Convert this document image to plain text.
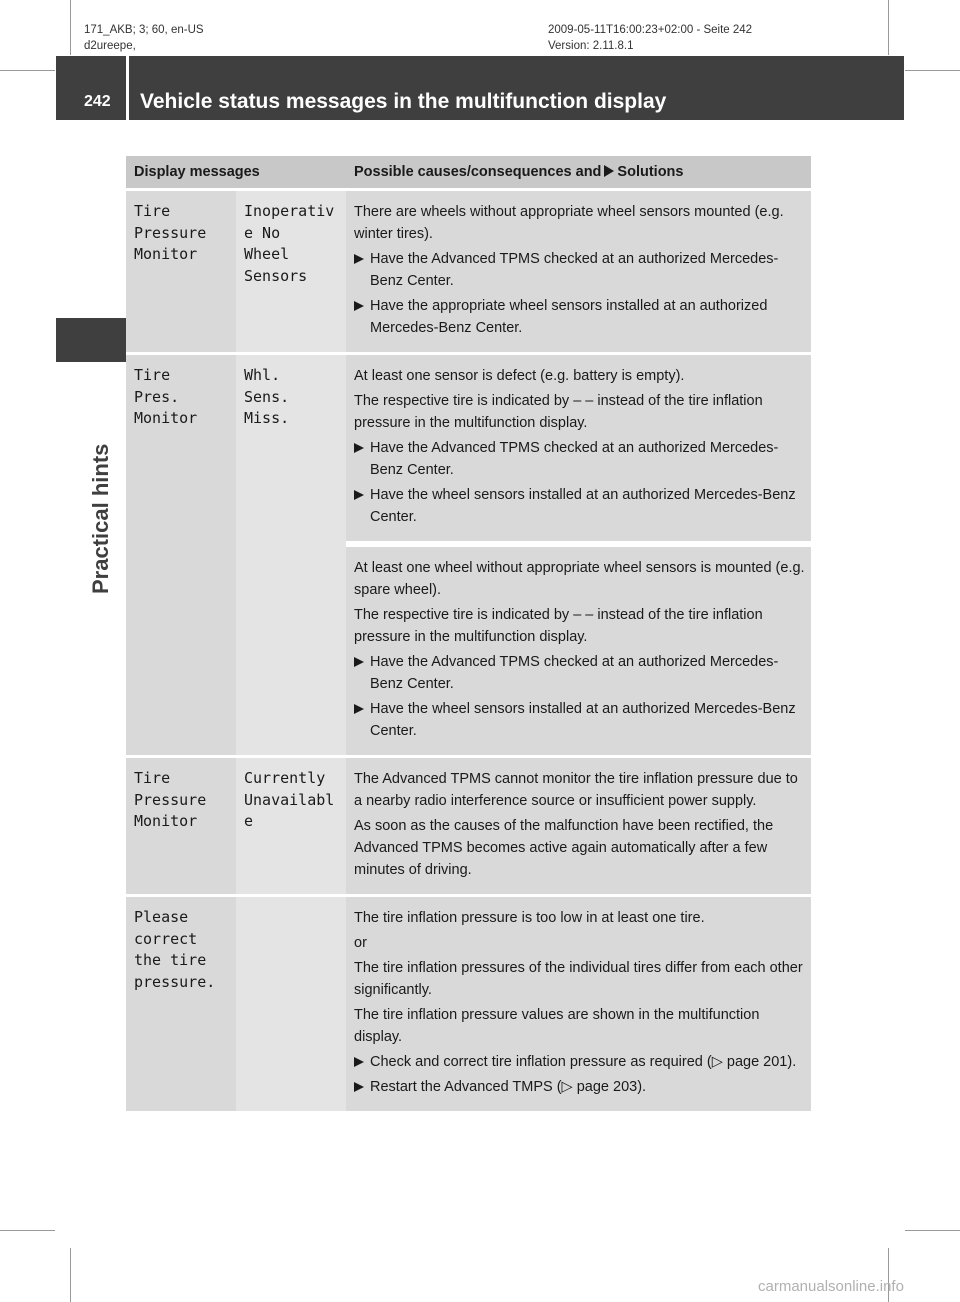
171_AKB; 3; 60, en-US
d2ureepe,
2009-05-11T16:00:23+02:00 - Seite 242
Version: 2.11.8.1
242 Vehicle status messages in the multifunction display
Practical hints
Display messages	Possible causes/consequences and Solutions
Tire
Pressure
Monitor
Inoperativ
e No
Wheel
Sensors

There are wheels without appropriate wheel sensors mounted (e.g. winter tires).

Have the Advanced TPMS checked at an authorized Mercedes-Benz Center.
Have the appropriate wheel sensors installed at an authorized Mercedes-Benz Center.
Tire
Pres.
Monitor
Whl.
Sens.
Miss.

At least one sensor is defect (e.g. battery is empty).

The respective tire is indicated by – – instead of the tire inflation pressure in the multifunction display.

Have the Advanced TPMS checked at an authorized Mercedes-Benz Center.
Have the wheel sensors installed at an authorized Mercedes-Benz Center.

At least one wheel without appropriate wheel sensors is mounted (e.g. spare wheel).

The respective tire is indicated by – – instead of the tire inflation pressure in the multifunction display.

Have the Advanced TPMS checked at an authorized Mercedes-Benz Center.
Have the wheel sensors installed at an authorized Mercedes-Benz Center.
Tire
Pressure
Monitor
Currently
Unavailabl
e

The Advanced TPMS cannot monitor the tire inflation pressure due to a nearby radio interference source or insufficient power supply.

As soon as the causes of the malfunction have been rectified, the Advanced TPMS becomes active again automatically after a few minutes of driving.

Please
correct
the tire
pressure.

The tire inflation pressure is too low in at least one tire.

or

The tire inflation pressures of the individual tires differ from each other significantly.

The tire inflation pressure values are shown in the multifunction display.

Check and correct tire inflation pressure as required (▷ page 201).
Restart the Advanced TMPS (▷ page 203).
carmanualsonline.info
